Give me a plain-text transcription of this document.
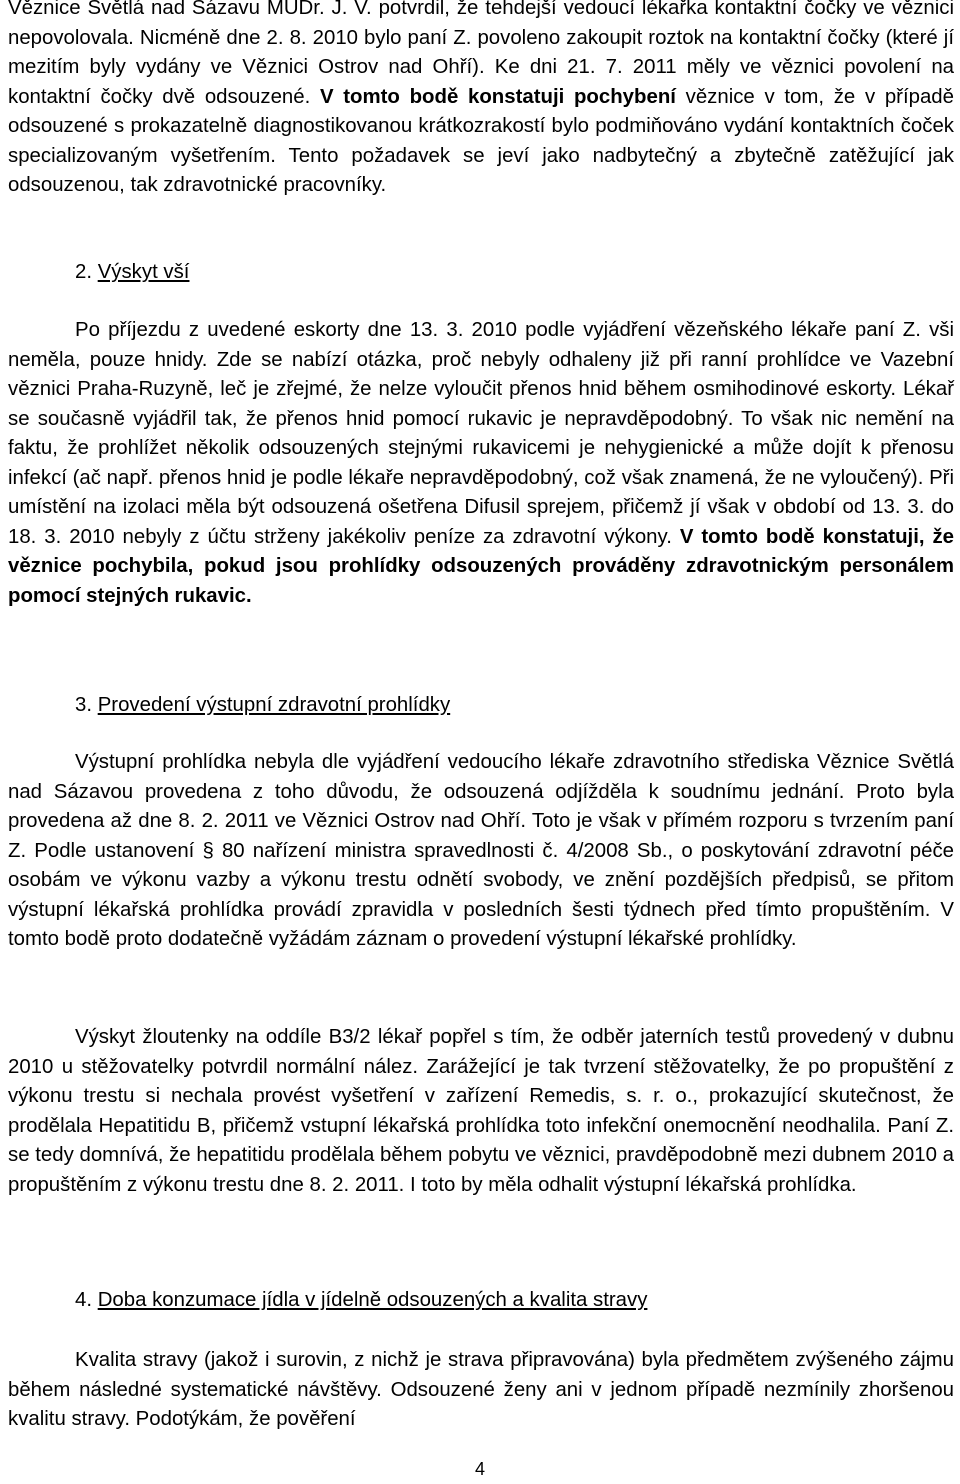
Věznice Světlá nad Sázavu MUDr. J. V. potvrdil, že tehdejší vedoucí lékařka kontaktní čočky ve věznici nepovolovala. Nicméně dne 2. 8. 2010 bylo paní Z. povoleno zakoupit roztok na kontaktní čočky (které jí mezitím byly vydány ve Věznici Ostrov nad Ohří). Ke dni 21. 7. 2011 měly ve věznici povolení na kontaktní čočky dvě odsouzené. V tomto bodě konstatuji pochybení věznice v tom, že v případě odsouzené s prokazatelně diagnostikovanou krátkozrakostí bylo podmiňováno vydání kontaktních čoček specializovaným vyšetřením. Tento požadavek se jeví jako nadbytečný a zbytečně zatěžující jak odsouzenou, tak zdravotnické pracovníky.

2. Výskyt vší

Po příjezdu z uvedené eskorty dne 13. 3. 2010 podle vyjádření vězeňského lékaře paní Z. vši neměla, pouze hnidy. Zde se nabízí otázka, proč nebyly odhaleny již při ranní prohlídce ve Vazební věznici Praha-Ruzyně, leč je zřejmé, že nelze vyloučit přenos hnid během osmihodinové eskorty. Lékař se současně vyjádřil tak, že přenos hnid pomocí rukavic je nepravděpodobný. To však nic nemění na faktu, že prohlížet několik odsouzených stejnými rukavicemi je nehygienické a může dojít k přenosu infekcí (ač např. přenos hnid je podle lékaře nepravděpodobný, což však znamená, že ne vyloučený). Při umístění na izolaci měla být odsouzená ošetřena Difusil sprejem, přičemž jí však v období od 13. 3. do 18. 3. 2010 nebyly z účtu strženy jakékoliv peníze za zdravotní výkony. V tomto bodě konstatuji, že věznice pochybila, pokud jsou prohlídky odsouzených prováděny zdravotnickým personálem pomocí stejných rukavic.

3. Provedení výstupní zdravotní prohlídky

Výstupní prohlídka nebyla dle vyjádření vedoucího lékaře zdravotního střediska Věznice Světlá nad Sázavou provedena z toho důvodu, že odsouzená odjížděla k soudnímu jednání. Proto byla provedena až dne 8. 2. 2011 ve Věznici Ostrov nad Ohří. Toto je však v přímém rozporu s tvrzením paní Z. Podle ustanovení § 80 nařízení ministra spravedlnosti č. 4/2008 Sb., o poskytování zdravotní péče osobám ve výkonu vazby a výkonu trestu odnětí svobody, ve znění pozdějších předpisů, se přitom výstupní lékařská prohlídka provádí zpravidla v posledních šesti týdnech před tímto propuštěním. V tomto bodě proto dodatečně vyžádám záznam o provedení výstupní lékařské prohlídky.

Výskyt žloutenky na oddíle B3/2 lékař popřel s tím, že odběr jaterních testů provedený v dubnu 2010 u stěžovatelky potvrdil normální nález. Zarážející je tak tvrzení stěžovatelky, že po propuštění z výkonu trestu si nechala provést vyšetření v zařízení Remedis, s. r. o., prokazující skutečnost, že prodělala Hepatitidu B, přičemž vstupní lékařská prohlídka toto infekční onemocnění neodhalila. Paní Z. se tedy domnívá, že hepatitidu prodělala během pobytu ve věznici, pravděpodobně mezi dubnem 2010 a propuštěním z výkonu trestu dne 8. 2. 2011. I toto by měla odhalit výstupní lékařská prohlídka.

4. Doba konzumace jídla v jídelně odsouzených a kvalita stravy

Kvalita stravy (jakož i surovin, z nichž je strava připravována) byla předmětem zvýšeného zájmu během následné systematické návštěvy. Odsouzené ženy ani v jednom případě nezmínily zhoršenou kvalitu stravy. Podotýkám, že pověření

4
